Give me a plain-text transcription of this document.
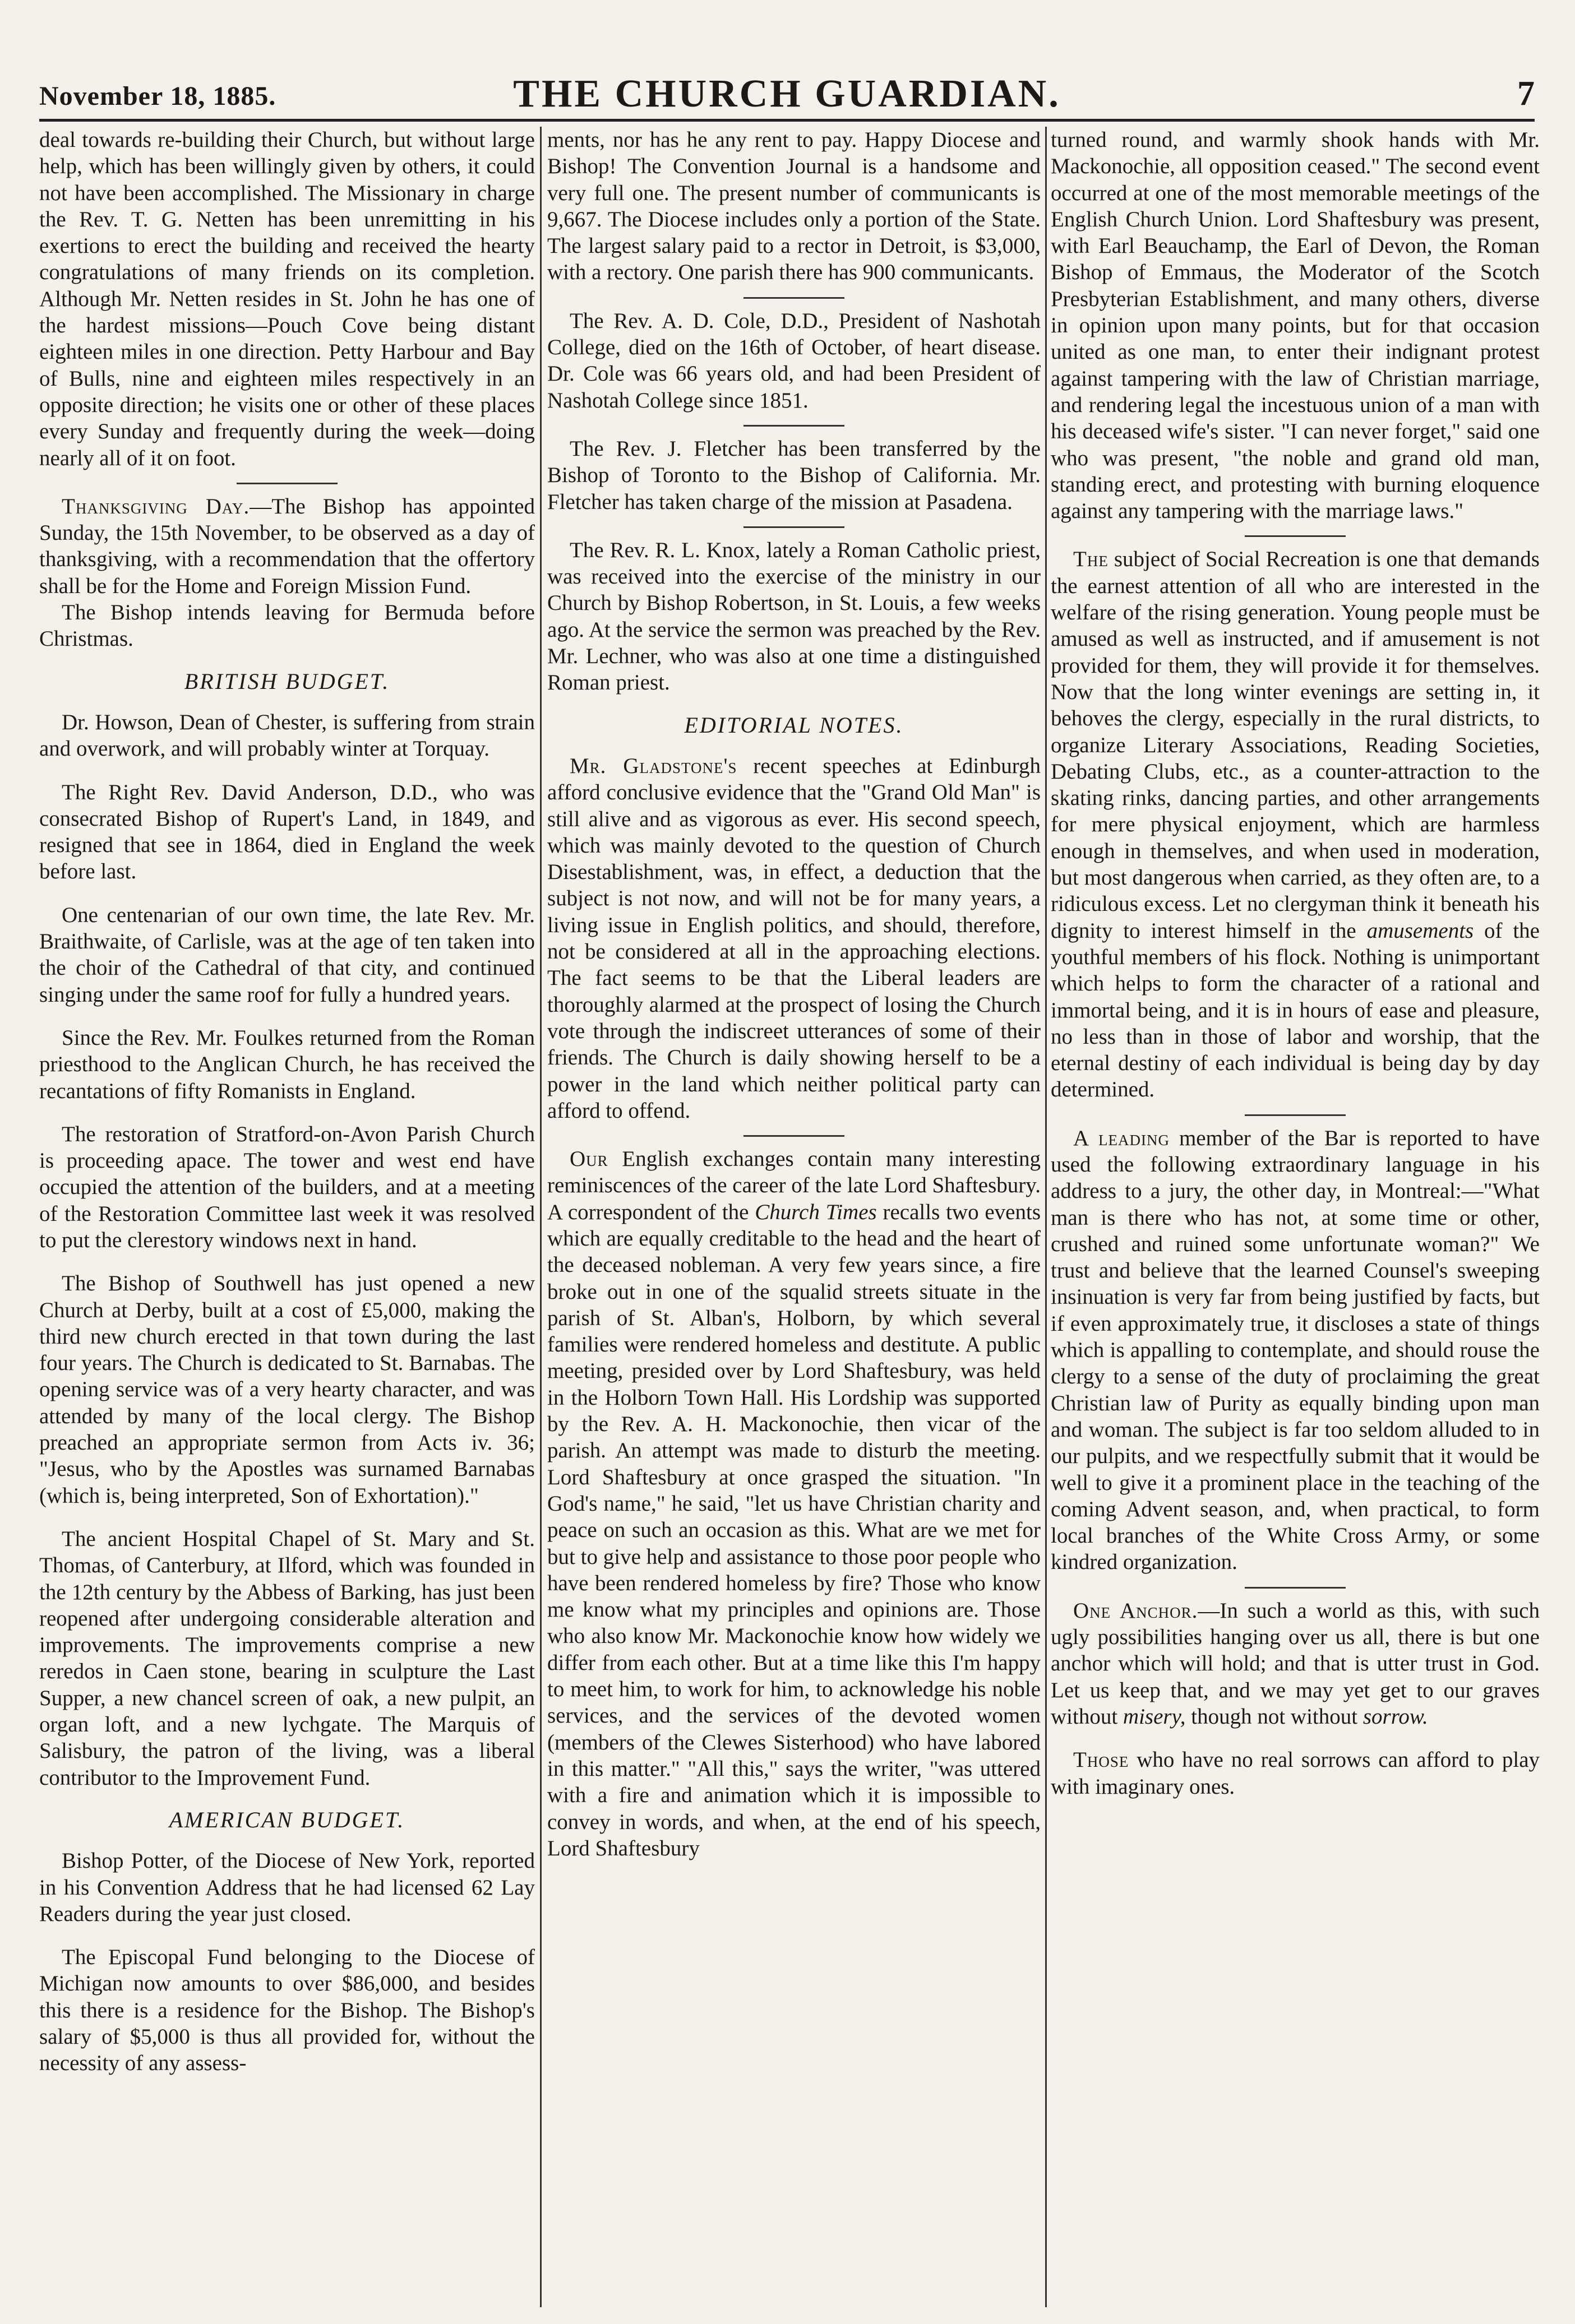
November 18, 1885.	THE CHURCH GUARDIAN.	7

deal towards re-building their Church, but without large help, which has been willingly given by others, it could not have been accomplished. The Missionary in charge the Rev. T. G. Netten has been unremitting in his exertions to erect the building and received the hearty congratulations of many friends on its completion. Although Mr. Netten resides in St. John he has one of the hardest missions—Pouch Cove being distant eighteen miles in one direction. Petty Harbour and Bay of Bulls, nine and eighteen miles respectively in an opposite direction; he visits one or other of these places every Sunday and frequently during the week—doing nearly all of it on foot.

Thanksgiving Day.—The Bishop has appointed Sunday, the 15th November, to be observed as a day of thanksgiving, with a recommendation that the offertory shall be for the Home and Foreign Mission Fund.

The Bishop intends leaving for Bermuda before Christmas.

BRITISH BUDGET.

Dr. Howson, Dean of Chester, is suffering from strain and overwork, and will probably winter at Torquay.

The Right Rev. David Anderson, D.D., who was consecrated Bishop of Rupert's Land, in 1849, and resigned that see in 1864, died in England the week before last.

One centenarian of our own time, the late Rev. Mr. Braithwaite, of Carlisle, was at the age of ten taken into the choir of the Cathedral of that city, and continued singing under the same roof for fully a hundred years.

Since the Rev. Mr. Foulkes returned from the Roman priesthood to the Anglican Church, he has received the recantations of fifty Romanists in England.

The restoration of Stratford-on-Avon Parish Church is proceeding apace. The tower and west end have occupied the attention of the builders, and at a meeting of the Restoration Committee last week it was resolved to put the clerestory windows next in hand.

The Bishop of Southwell has just opened a new Church at Derby, built at a cost of £5,000, making the third new church erected in that town during the last four years. The Church is dedicated to St. Barnabas. The opening service was of a very hearty character, and was attended by many of the local clergy. The Bishop preached an appropriate sermon from Acts iv. 36; "Jesus, who by the Apostles was surnamed Barnabas (which is, being interpreted, Son of Exhortation)."

The ancient Hospital Chapel of St. Mary and St. Thomas, of Canterbury, at Ilford, which was founded in the 12th century by the Abbess of Barking, has just been reopened after undergoing considerable alteration and improvements. The improvements comprise a new reredos in Caen stone, bearing in sculpture the Last Supper, a new chancel screen of oak, a new pulpit, an organ loft, and a new lychgate. The Marquis of Salisbury, the patron of the living, was a liberal contributor to the Improvement Fund.

AMERICAN BUDGET.

Bishop Potter, of the Diocese of New York, reported in his Convention Address that he had licensed 62 Lay Readers during the year just closed.

The Episcopal Fund belonging to the Diocese of Michigan now amounts to over $86,000, and besides this there is a residence for the Bishop. The Bishop's salary of $5,000 is thus all provided for, without the necessity of any assess-

ments, nor has he any rent to pay. Happy Diocese and Bishop! The Convention Journal is a handsome and very full one. The present number of communicants is 9,667. The Diocese includes only a portion of the State. The largest salary paid to a rector in Detroit, is $3,000, with a rectory. One parish there has 900 communicants.

The Rev. A. D. Cole, D.D., President of Nashotah College, died on the 16th of October, of heart disease. Dr. Cole was 66 years old, and had been President of Nashotah College since 1851.

The Rev. J. Fletcher has been transferred by the Bishop of Toronto to the Bishop of California. Mr. Fletcher has taken charge of the mission at Pasadena.

The Rev. R. L. Knox, lately a Roman Catholic priest, was received into the exercise of the ministry in our Church by Bishop Robertson, in St. Louis, a few weeks ago. At the service the sermon was preached by the Rev. Mr. Lechner, who was also at one time a distinguished Roman priest.

EDITORIAL NOTES.

Mr. Gladstone's recent speeches at Edinburgh afford conclusive evidence that the "Grand Old Man" is still alive and as vigorous as ever. His second speech, which was mainly devoted to the question of Church Disestablishment, was, in effect, a deduction that the subject is not now, and will not be for many years, a living issue in English politics, and should, therefore, not be considered at all in the approaching elections. The fact seems to be that the Liberal leaders are thoroughly alarmed at the prospect of losing the Church vote through the indiscreet utterances of some of their friends. The Church is daily showing herself to be a power in the land which neither political party can afford to offend.

Our English exchanges contain many interesting reminiscences of the career of the late Lord Shaftesbury. A correspondent of the Church Times recalls two events which are equally creditable to the head and the heart of the deceased nobleman. A very few years since, a fire broke out in one of the squalid streets situate in the parish of St. Alban's, Holborn, by which several families were rendered homeless and destitute. A public meeting, presided over by Lord Shaftesbury, was held in the Holborn Town Hall. His Lordship was supported by the Rev. A. H. Mackonochie, then vicar of the parish. An attempt was made to disturb the meeting. Lord Shaftesbury at once grasped the situation. "In God's name," he said, "let us have Christian charity and peace on such an occasion as this. What are we met for but to give help and assistance to those poor people who have been rendered homeless by fire? Those who know me know what my principles and opinions are. Those who also know Mr. Mackonochie know how widely we differ from each other. But at a time like this I'm happy to meet him, to work for him, to acknowledge his noble services, and the services of the devoted women (members of the Clewes Sisterhood) who have labored in this matter." "All this," says the writer, "was uttered with a fire and animation which it is impossible to convey in words, and when, at the end of his speech, Lord Shaftesbury

turned round, and warmly shook hands with Mr. Mackonochie, all opposition ceased." The second event occurred at one of the most memorable meetings of the English Church Union. Lord Shaftesbury was present, with Earl Beauchamp, the Earl of Devon, the Roman Bishop of Emmaus, the Moderator of the Scotch Presbyterian Establishment, and many others, diverse in opinion upon many points, but for that occasion united as one man, to enter their indignant protest against tampering with the law of Christian marriage, and rendering legal the incestuous union of a man with his deceased wife's sister. "I can never forget," said one who was present, "the noble and grand old man, standing erect, and protesting with burning eloquence against any tampering with the marriage laws."

The subject of Social Recreation is one that demands the earnest attention of all who are interested in the welfare of the rising generation. Young people must be amused as well as instructed, and if amusement is not provided for them, they will provide it for themselves. Now that the long winter evenings are setting in, it behoves the clergy, especially in the rural districts, to organize Literary Associations, Reading Societies, Debating Clubs, etc., as a counter-attraction to the skating rinks, dancing parties, and other arrangements for mere physical enjoyment, which are harmless enough in themselves, and when used in moderation, but most dangerous when carried, as they often are, to a ridiculous excess. Let no clergyman think it beneath his dignity to interest himself in the amusements of the youthful members of his flock. Nothing is unimportant which helps to form the character of a rational and immortal being, and it is in hours of ease and pleasure, no less than in those of labor and worship, that the eternal destiny of each individual is being day by day determined.

A leading member of the Bar is reported to have used the following extraordinary language in his address to a jury, the other day, in Montreal:—"What man is there who has not, at some time or other, crushed and ruined some unfortunate woman?" We trust and believe that the learned Counsel's sweeping insinuation is very far from being justified by facts, but if even approximately true, it discloses a state of things which is appalling to contemplate, and should rouse the clergy to a sense of the duty of proclaiming the great Christian law of Purity as equally binding upon man and woman. The subject is far too seldom alluded to in our pulpits, and we respectfully submit that it would be well to give it a prominent place in the teaching of the coming Advent season, and, when practical, to form local branches of the White Cross Army, or some kindred organization.

One Anchor.—In such a world as this, with such ugly possibilities hanging over us all, there is but one anchor which will hold; and that is utter trust in God. Let us keep that, and we may yet get to our graves without misery, though not without sorrow.

Those who have no real sorrows can afford to play with imaginary ones.
